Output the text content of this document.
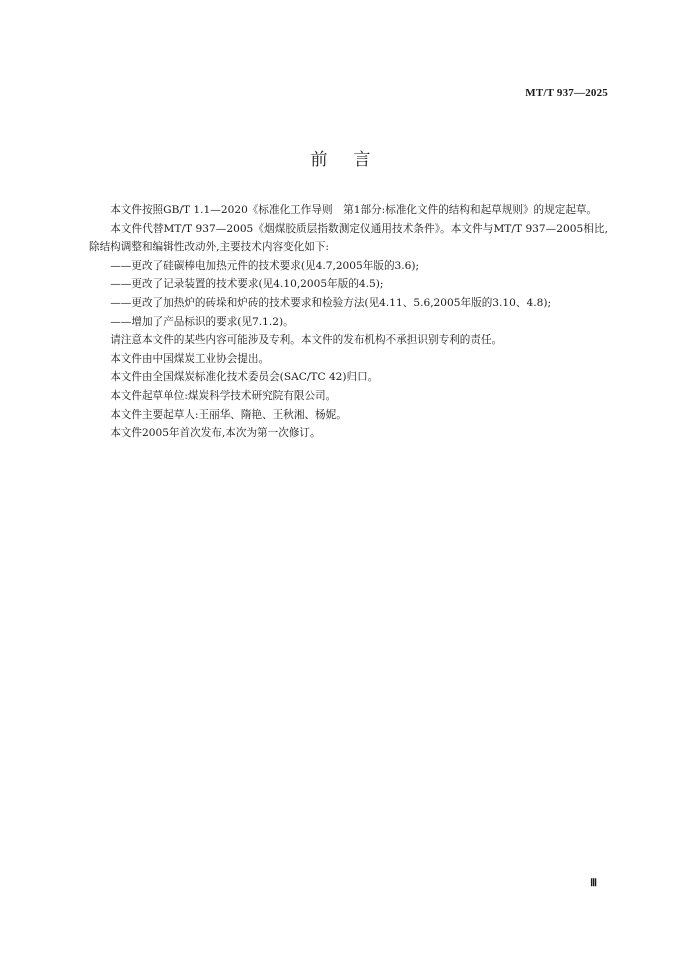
MT/T 937—2025
前言

本文件按照GB/T 1.1—2020《标准化工作导则　第1部分:标准化文件的结构和起草规则》的规定起草。

本文件代替MT/T 937—2005《烟煤胶质层指数测定仪通用技术条件》。本文件与MT/T 937—2005相比,除结构调整和编辑性改动外,主要技术内容变化如下:

——更改了硅碳棒电加热元件的技术要求(见4.7,2005年版的3.6);

——更改了记录装置的技术要求(见4.10,2005年版的4.5);

——更改了加热炉的砖垛和炉砖的技术要求和检验方法(见4.11、5.6,2005年版的3.10、4.8);

——增加了产品标识的要求(见7.1.2)。

请注意本文件的某些内容可能涉及专利。本文件的发布机构不承担识别专利的责任。

本文件由中国煤炭工业协会提出。

本文件由全国煤炭标准化技术委员会(SAC/TC 42)归口。

本文件起草单位:煤炭科学技术研究院有限公司。

本文件主要起草人:王丽华、隋艳、王秋湘、杨妮。

本文件2005年首次发布,本次为第一次修订。

Ⅲ
